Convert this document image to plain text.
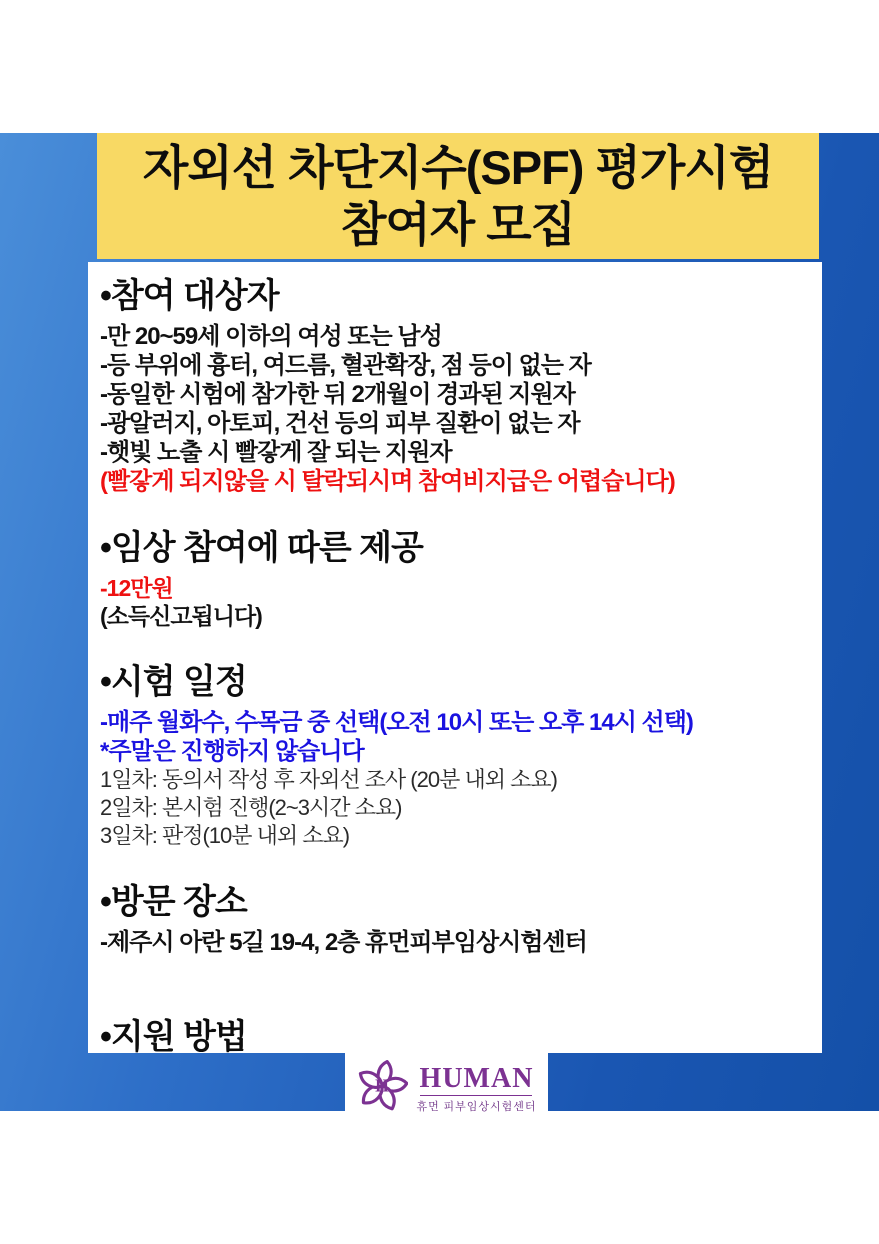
자외선 차단지수(SPF) 평가시험
참여자 모집
•참여 대상자
-만 20~59세 이하의 여성 또는 남성
-등 부위에 흉터, 여드름, 혈관확장, 점 등이 없는 자
-동일한 시험에 참가한 뒤 2개월이 경과된 지원자
-광알러지, 아토피, 건선 등의 피부 질환이 없는 자
-햇빛 노출 시 빨갛게 잘 되는 지원자
(빨갛게 되지않을 시 탈락되시며 참여비지급은 어렵습니다)
•임상 참여에 따른 제공
-12만원
(소득신고됩니다)
•시험 일정
-매주 월화수, 수목금 중 선택(오전 10시 또는 오후 14시 선택)
*주말은 진행하지 않습니다
1일차: 동의서 작성 후 자외선 조사 (20분 내외 소요)
2일차: 본시험 진행(2~3시간 소요)
3일차: 판정(10분 내외 소요)
•방문 장소
-제주시 아란 5길 19-4, 2층 휴먼피부임상시험센터
•지원 방법
H HUMAN
휴먼 피부임상시험센터
